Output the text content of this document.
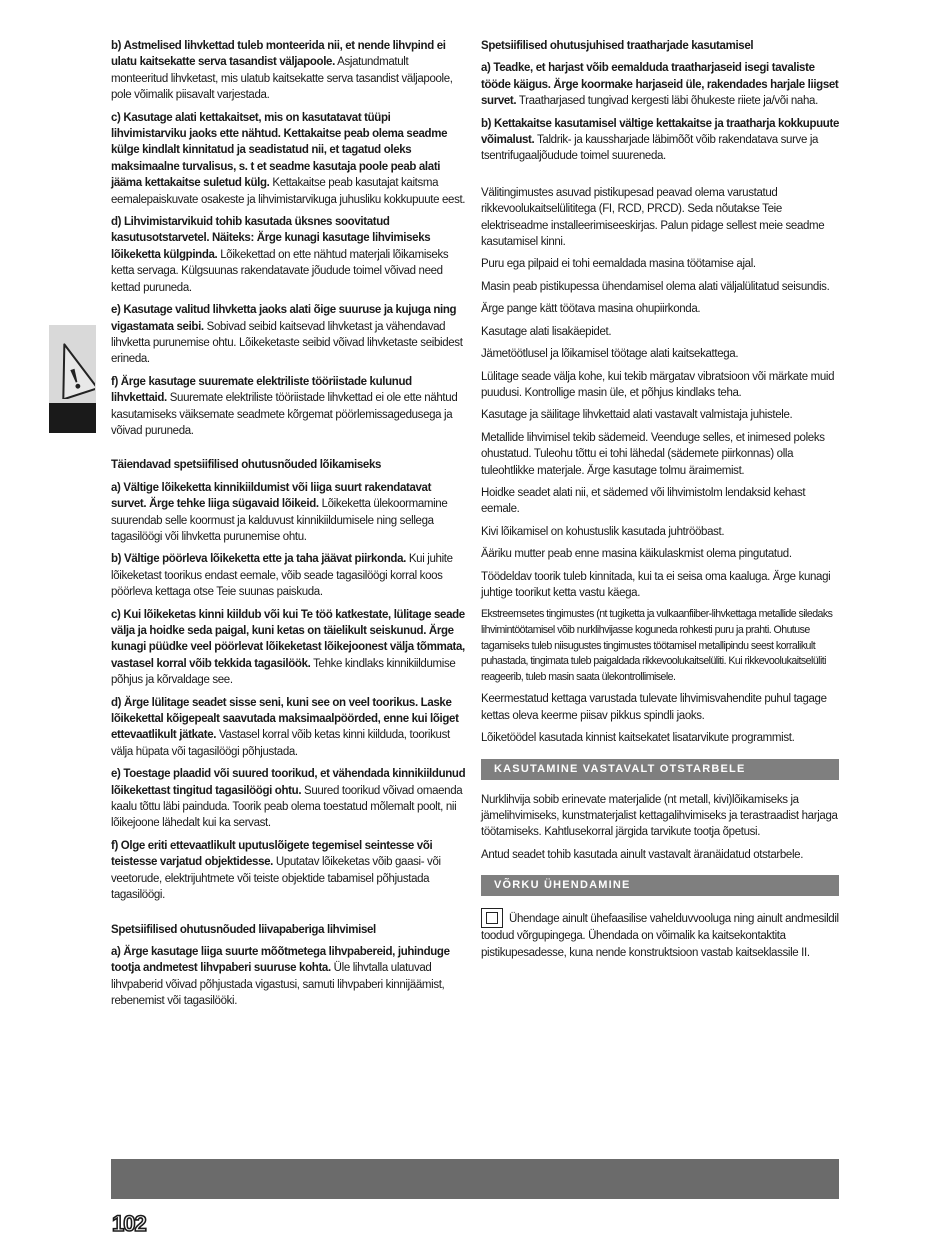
!

b) Astmelised lihvkettad tuleb monteerida nii, et nende lihvpind ei ulatu kaitsekatte serva tasandist väljapoole. Asjatundmatult monteeritud lihvketast, mis ulatub kaitsekatte serva tasandist väljapoole, pole võimalik piisavalt varjestada.

c) Kasutage alati kettakaitset, mis on kasutatavat tüüpi lihvimistarviku jaoks ette nähtud. Kettakaitse peab olema seadme külge kindlalt kinnitatud ja seadistatud nii, et tagatud oleks maksimaalne turvalisus, s. t et seadme kasutaja poole peab alati jääma kettakaitse suletud külg. Kettakaitse peab kasutajat kaitsma eemalepaiskuvate osakeste ja lihvimistarvikuga juhusliku kokkupuute eest.

d) Lihvimistarvikuid tohib kasutada üksnes soovitatud kasutusotstarvetel. Näiteks: Ärge kunagi kasutage lihvimiseks lõikeketta külgpinda. Lõikekettad on ette nähtud materjali lõikamiseks ketta servaga. Külgsuunas rakendatavate jõudude toimel võivad need kettad puruneda.

e) Kasutage valitud lihvketta jaoks alati õige suuruse ja kujuga ning vigastamata seibi. Sobivad seibid kaitsevad lihvketast ja vähendavad lihvketta purunemise ohtu. Lõikeketaste seibid võivad lihvketaste seibidest erineda.

f) Ärge kasutage suuremate elektriliste tööriistade kulunud lihvkettaid. Suuremate elektriliste tööriistade lihvkettad ei ole ette nähtud kasutamiseks väiksemate seadmete kõrgemat pöörlemissagedusega ja võivad puruneda.

Täiendavad spetsiifilised ohutusnõuded lõikamiseks

a) Vältige lõikeketta kinnikiildumist või liiga suurt rakendatavat survet. Ärge tehke liiga sügavaid lõikeid. Lõikeketta ülekoormamine suurendab selle koormust ja kalduvust kinnikiildumisele ning sellega tagasilöögi või lihvketta purunemise ohtu.

b) Vältige pöörleva lõikeketta ette ja taha jäävat piirkonda. Kui juhite lõikeketast toorikus endast eemale, võib seade tagasilöögi korral koos pöörleva kettaga otse Teie suunas paiskuda.

c) Kui lõikeketas kinni kiildub või kui Te töö katkestate, lülitage seade välja ja hoidke seda paigal, kuni ketas on täielikult seiskunud. Ärge kunagi püüdke veel pöörlevat lõikeketast lõikejoonest välja tõmmata, vastasel korral võib tekkida tagasilöök. Tehke kindlaks kinnikiildumise põhjus ja kõrvaldage see.

d) Ärge lülitage seadet sisse seni, kuni see on veel toorikus. Laske lõikekettal kõigepealt saavutada maksimaalpöörded, enne kui lõiget ettevaatlikult jätkate. Vastasel korral võib ketas kinni kiilduda, toorikust välja hüpata või tagasilöögi põhjustada.

e) Toestage plaadid või suured toorikud, et vähendada kinnikiildunud lõikekettast tingitud tagasilöögi ohtu. Suured toorikud võivad omaenda kaalu tõttu läbi painduda. Toorik peab olema toestatud mõlemalt poolt, nii lõikejoone lähedalt kui ka servast.

f) Olge eriti ettevaatlikult uputuslõigete tegemisel seintesse või teistesse varjatud objektidesse. Uputatav lõikeketas võib gaasi- või veetorude, elektrijuhtmete või teiste objektide tabamisel põhjustada tagasilöögi.

Spetsiifilised ohutusnõuded liivapaberiga lihvimisel

a) Ärge kasutage liiga suurte mõõtmetega lihvpabereid, juhinduge tootja andmetest lihvpaberi suuruse kohta. Üle lihvtalla ulatuvad lihvpaberid võivad põhjustada vigastusi, samuti lihvpaberi kinnijäämist, rebenemist või tagasilööki.

Spetsiifilised ohutusjuhised traatharjade kasutamisel

a) Teadke, et harjast võib eemalduda traatharjaseid isegi tavaliste tööde käigus. Ärge koormake harjaseid üle, rakendades harjale liigset survet. Traatharjased tungivad kergesti läbi õhukeste riiete ja/või naha.

b) Kettakaitse kasutamisel vältige kettakaitse ja traatharja kokkupuute võimalust. Taldrik- ja kaussharjade läbimõõt võib rakendatava surve ja tsentrifugaaljõudude toimel suureneda.

Välitingimustes asuvad pistikupesad peavad olema varustatud rikkevoolukaitselülititega (FI, RCD, PRCD). Seda nõutakse Teie elektriseadme installeerimiseeskirjas. Palun pidage sellest meie seadme kasutamisel kinni.

Puru ega pilpaid ei tohi eemaldada masina töötamise ajal.

Masin peab pistikupessa ühendamisel olema alati väljalülitatud seisundis.

Ärge pange kätt töötava masina ohupiirkonda.

Kasutage alati lisakäepidet.

Jämetöötlusel ja lõikamisel töötage alati kaitsekattega.

Lülitage seade välja kohe, kui tekib märgatav vibratsioon või märkate muid puudusi. Kontrollige masin üle, et põhjus kindlaks teha.

Kasutage ja säilitage lihvkettaid alati vastavalt valmistaja juhistele.

Metallide lihvimisel tekib sädemeid. Veenduge selles, et inimesed poleks ohustatud. Tuleohu tõttu ei tohi lähedal (sädemete piirkonnas) olla tuleohtlikke materjale. Ärge kasutage tolmu äraimemist.

Hoidke seadet alati nii, et sädemed või lihvimistolm lendaksid kehast eemale.

Kivi lõikamisel on kohustuslik kasutada juhtrööbast.

Ääriku mutter peab enne masina käikulaskmist olema pingutatud.

Töödeldav toorik tuleb kinnitada, kui ta ei seisa oma kaaluga. Ärge kunagi juhtige toorikut ketta vastu käega.

Ekstreemsetes tingimustes (nt tugiketta ja vulkaanfiiber-lihvkettaga metallide siledaks lihvimintöötamisel võib nurklihvijasse koguneda rohkesti puru ja prahti. Ohutuse tagamiseks tuleb niisugustes tingimustes töötamisel metallipindu seest korralikult puhastada, tingimata tuleb paigaldada rikkevoolukaitselüliti. Kui rikkevoolukaitselüliti reageerib, tuleb masin saata ülekontrollimisele.

Keermestatud kettaga varustada tulevate lihvimisvahendite puhul tagage kettas oleva keerme piisav pikkus spindli jaoks.

Lõiketöödel kasutada kinnist kaitsekatet lisatarvikute programmist.

KASUTAMINE VASTAVALT OTSTARBELE

Nurklihvija sobib erinevate materjalide (nt metall, kivi)lõikamiseks ja jämelihvimiseks, kunstmaterjalist kettagalihvimiseks ja terastraadist harjaga töötamiseks. Kahtlusekorral järgida tarvikute tootja õpetusi.

Antud seadet tohib kasutada ainult vastavalt äranäidatud otstarbele.

VÕRKU ÜHENDAMINE

Ühendage ainult ühefaasilise vahelduvvooluga ning ainult andmesildil toodud võrgupingega. Ühendada on võimalik ka kaitsekontaktita pistikupesadesse, kuna nende konstruktsioon vastab kaitseklassile II.

102
